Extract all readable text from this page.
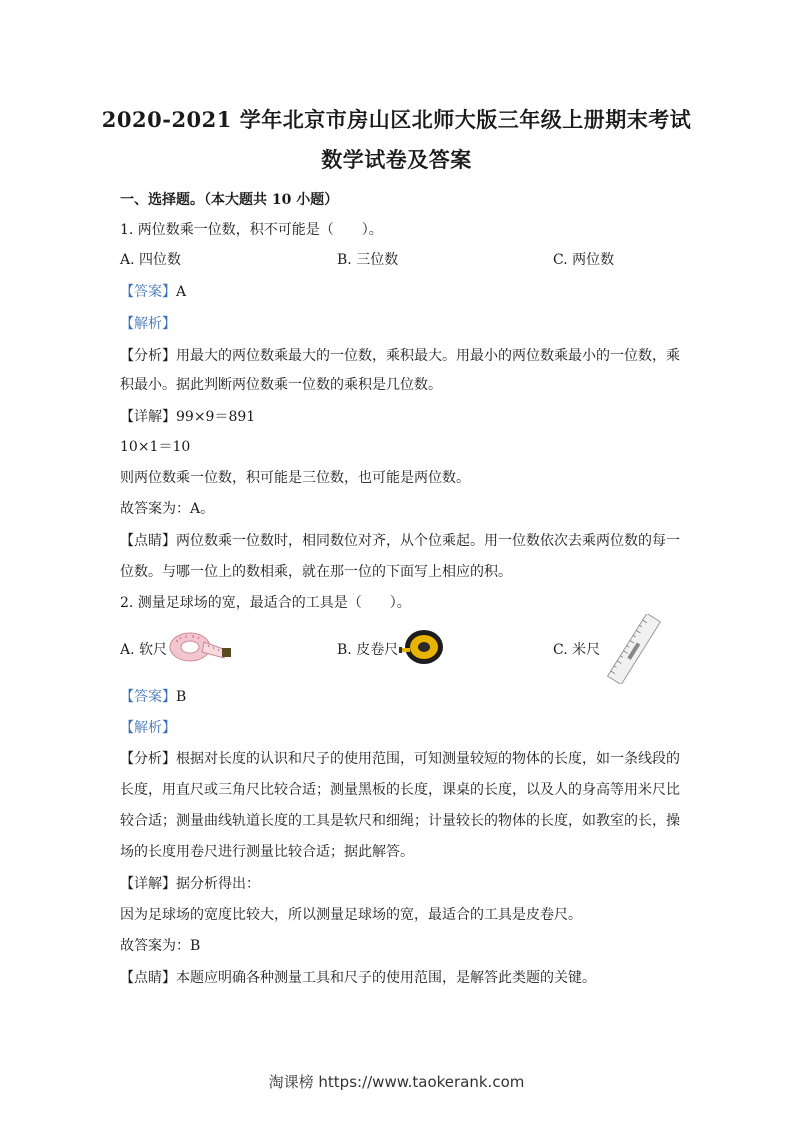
2020-2021 学年北京市房山区北师大版三年级上册期末考试
数学试卷及答案
一、选择题。（本大题共 10 小题）
1. 两位数乘一位数，积不可能是（　　）。
A. 四位数	B. 三位数	C. 两位数
【答案】A
【解析】
【分析】用最大的两位数乘最大的一位数，乘积最大。用最小的两位数乘最小的一位数，乘
积最小。据此判断两位数乘一位数的乘积是几位数。
【详解】99×9＝891
10×1＝10
则两位数乘一位数，积可能是三位数，也可能是两位数。
故答案为：A。
【点睛】两位数乘一位数时，相同数位对齐，从个位乘起。用一位数依次去乘两位数的每一
位数。与哪一位上的数相乘，就在那一位的下面写上相应的积。
2. 测量足球场的宽，最适合的工具是（　　）。
A. 软尺	B. 皮卷尺	C. 米尺
【答案】B
【解析】
【分析】根据对长度的认识和尺子的使用范围，可知测量较短的物体的长度，如一条线段的
长度，用直尺或三角尺比较合适；测量黑板的长度，课桌的长度，以及人的身高等用米尺比
较合适；测量曲线轨道长度的工具是软尺和细绳；计量较长的物体的长度，如教室的长，操
场的长度用卷尺进行测量比较合适；据此解答。
【详解】据分析得出：
因为足球场的宽度比较大，所以测量足球场的宽，最适合的工具是皮卷尺。
故答案为：B
【点睛】本题应明确各种测量工具和尺子的使用范围，是解答此类题的关键。
淘课榜 https://www.taokerank.com
